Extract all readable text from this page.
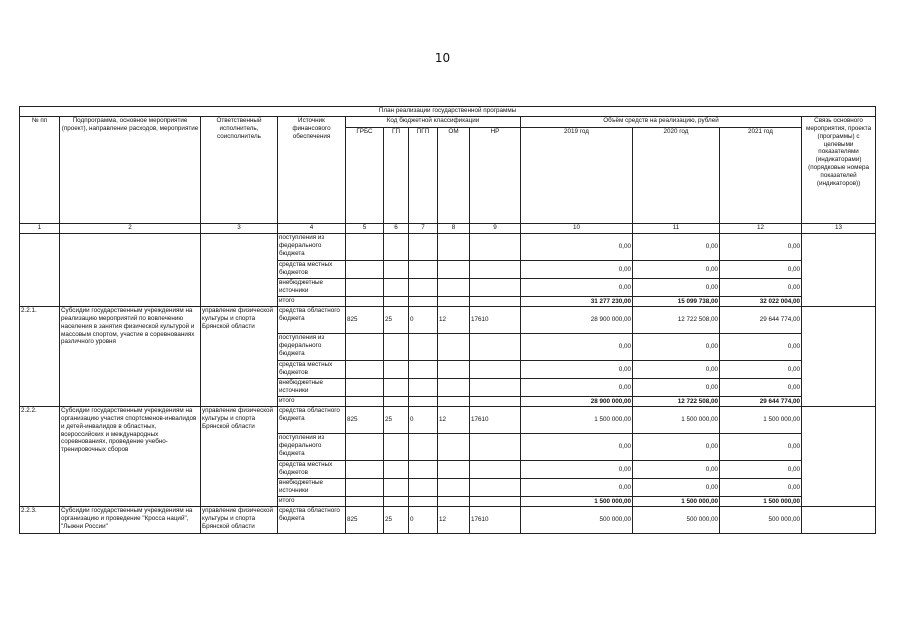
10
План реализации государственной программы												
№ пп	Подпрограмма, основное мероприятие (проект), направление расходов, мероприятие	Ответственный исполнитель, соисполнитель	Источник финансового обеспечения	Код бюджетной классификации					Объём средств на реализацию, рублей			Связь основного мероприятия, проекта (программы) с целевыми показателями (индикаторами) (порядковые номера показателей (индикаторов))
				ГРБС	ГП	ПГП	ОМ	НР	2019 год	2020 год	2021 год	
1	2	3	4	5	6	7	8	9	10	11	12	13
			поступления из федерального бюджета						0,00	0,00	0,00	
			средства местных бюджетов						0,00	0,00	0,00	
			внебюджетные источники						0,00	0,00	0,00	
			итого						31 277 230,00	15 099 738,00	32 022 004,00	
2.2.1.	Субсидии государственным учреждениям на реализацию мероприятий по вовлечению населения в занятия физической культурой и массовым спортом, участие в соревнованиях различного уровня	управление физической культуры и спорта Брянской области	средства областного бюджета	825	25	0	12	17610	28 900 000,00	12 722 508,00	29 644 774,00	
			поступления из федерального бюджета						0,00	0,00	0,00	
			средства местных бюджетов						0,00	0,00	0,00	
			внебюджетные источники						0,00	0,00	0,00	
			итого						28 900 000,00	12 722 508,00	29 644 774,00	
2.2.2.	Субсидии государственным учреждениям на организацию участия спортсменов-инвалидов и детей-инвалидов в областных, всероссийских и международных соревнованиях, проведение учебно-тренировочных сборов	управление физической культуры и спорта Брянской области	средства областного бюджета	825	25	0	12	17610	1 500 000,00	1 500 000,00	1 500 000,00	
			поступления из федерального бюджета						0,00	0,00	0,00	
			средства местных бюджетов						0,00	0,00	0,00	
			внебюджетные источники						0,00	0,00	0,00	
			итого						1 500 000,00	1 500 000,00	1 500 000,00	
2.2.3.	Субсидии государственным учреждениям на организацию и проведение "Кросса наций", "Лыжни России"	управление физической культуры и спорта Брянской области	средства областного бюджета	825	25	0	12	17610	500 000,00	500 000,00	500 000,00	
